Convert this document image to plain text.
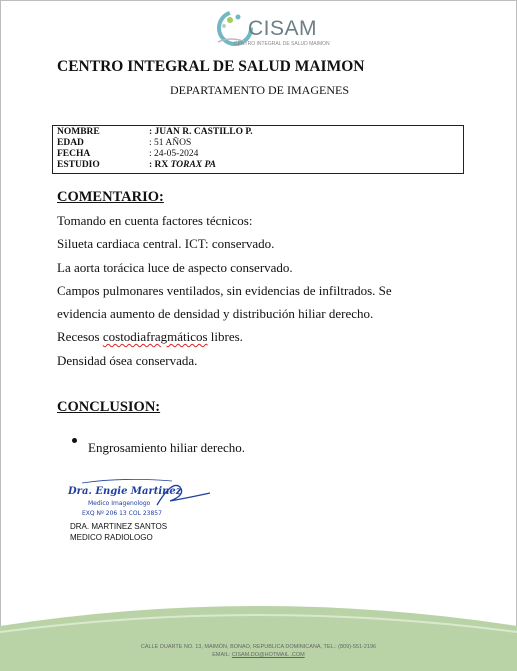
CISAM
CENTRO INTEGRAL DE SALUD MAIMON
CENTRO INTEGRAL DE SALUD MAIMON
DEPARTAMENTO DE IMAGENES
NOMBRE	: JUAN R. CASTILLO P.
EDAD	: 51 AÑOS
FECHA	: 24-05-2024
ESTUDIO	: RX TORAX PA
COMENTARIO:
Tomando en cuenta factores técnicos:
Silueta cardiaca central. ICT: conservado.
La aorta torácica luce de aspecto conservado.
Campos pulmonares ventilados, sin evidencias de infiltrados. Se
evidencia aumento de densidad y distribución hiliar derecho.
Recesos costodiafragmáticos libres.
Densidad ósea conservada.
CONCLUSION:
Engrosamiento hiliar derecho.
Dra. Engie Martinez
Medico Imagenologo
EXQ Nº 206 13 COL 23857
DRA. MARTINEZ SANTOS
MEDICO RADIOLOGO
CALLE DUARTE NO. 13, MAIMÓN, BONAO, REPUBLICA DOMINICANA, TEL.: (809)-551-2196
EMAIL: CISAM.DO@HOTMAIL .COM
